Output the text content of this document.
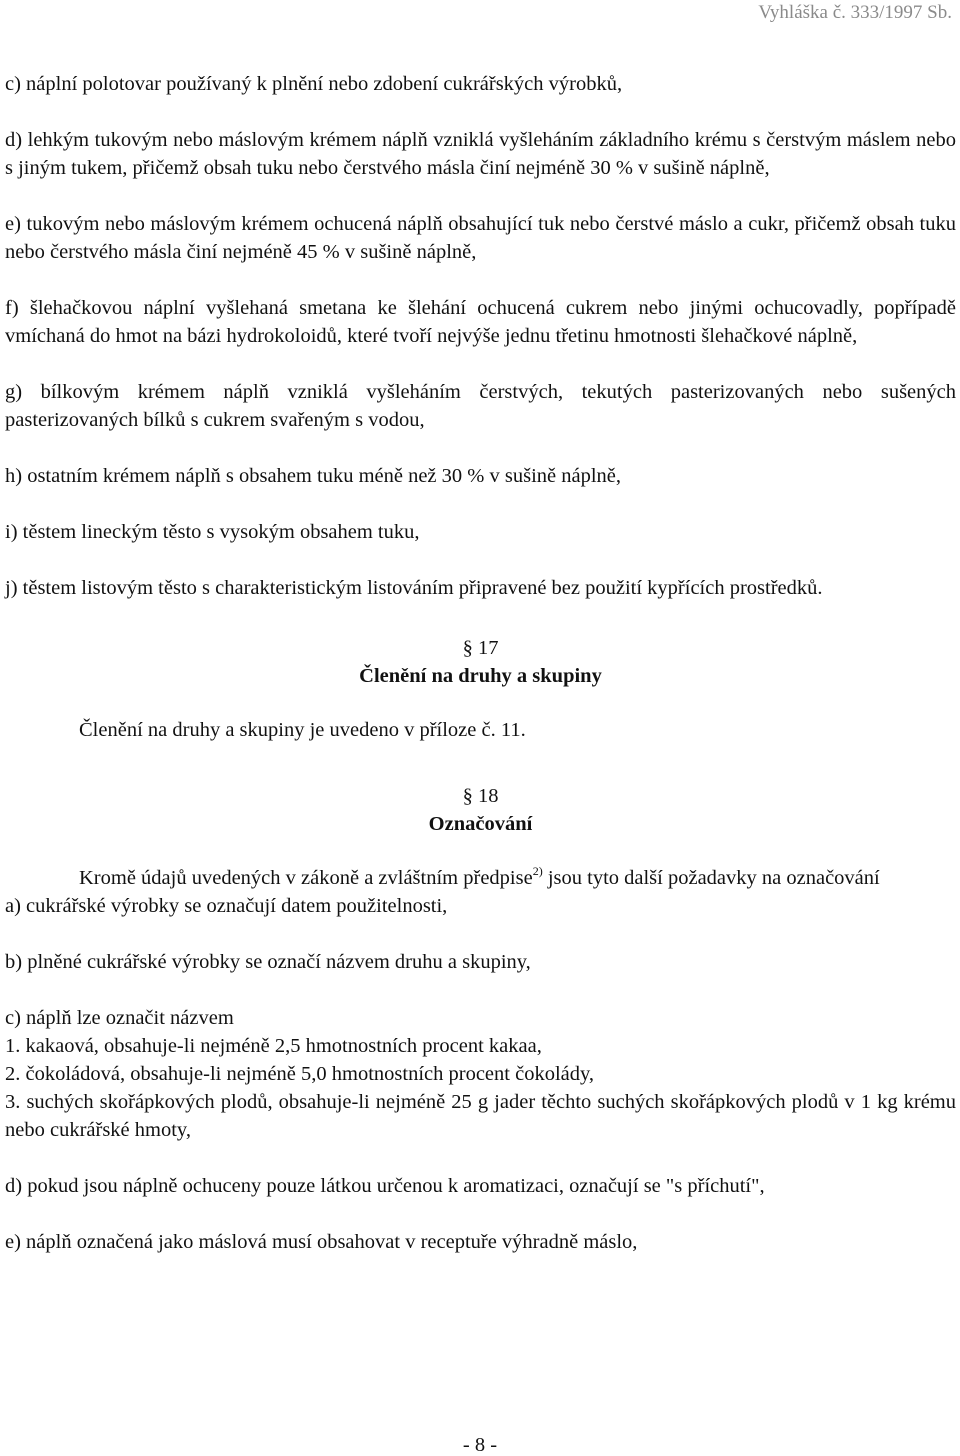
Vyhláška č. 333/1997 Sb.

c) náplní polotovar používaný k plnění nebo zdobení cukrářských výrobků,

d) lehkým tukovým nebo máslovým krémem náplň vzniklá vyšleháním základního krému s čerstvým máslem nebo s jiným tukem, přičemž obsah tuku nebo čerstvého másla činí nejméně 30 % v sušině náplně,

e) tukovým nebo máslovým krémem ochucená náplň obsahující tuk nebo čerstvé máslo a cukr, přičemž obsah tuku nebo čerstvého másla činí nejméně 45 % v sušině náplně,

f) šlehačkovou náplní vyšlehaná smetana ke šlehání ochucená cukrem nebo jinými ochucovadly, popřípadě vmíchaná do hmot na bázi hydrokoloidů, které tvoří nejvýše jednu třetinu hmotnosti šlehačkové náplně,

g) bílkovým krémem náplň vzniklá vyšleháním čerstvých, tekutých pasterizovaných nebo sušených pasterizovaných bílků s cukrem svařeným s vodou,

h) ostatním krémem náplň s obsahem tuku méně než 30 % v sušině náplně,

i) těstem lineckým těsto s vysokým obsahem tuku,

j) těstem listovým těsto s charakteristickým listováním připravené bez použití kypřících prostředků.

§ 17
Členění na druhy a skupiny

Členění na druhy a skupiny je uvedeno v příloze č. 11.

§ 18
Označování

Kromě údajů uvedených v zákoně a zvláštním předpise$^{2)}$ jsou tyto další požadavky na označování

a) cukrářské výrobky se označují datem použitelnosti,

b) plněné cukrářské výrobky se označí názvem druhu a skupiny,

c) náplň lze označit názvem
1. kakaová, obsahuje-li nejméně 2,5 hmotnostních procent kakaa,
2. čokoládová, obsahuje-li nejméně 5,0 hmotnostních procent čokolády,
3. suchých skořápkových plodů, obsahuje-li nejméně 25 g jader těchto suchých skořápkových plodů v 1 kg krému nebo cukrářské hmoty,

d) pokud jsou náplně ochuceny pouze látkou určenou k aromatizaci, označují se "s příchutí",

e) náplň označená jako máslová musí obsahovat v receptuře výhradně máslo,

- 8 -
